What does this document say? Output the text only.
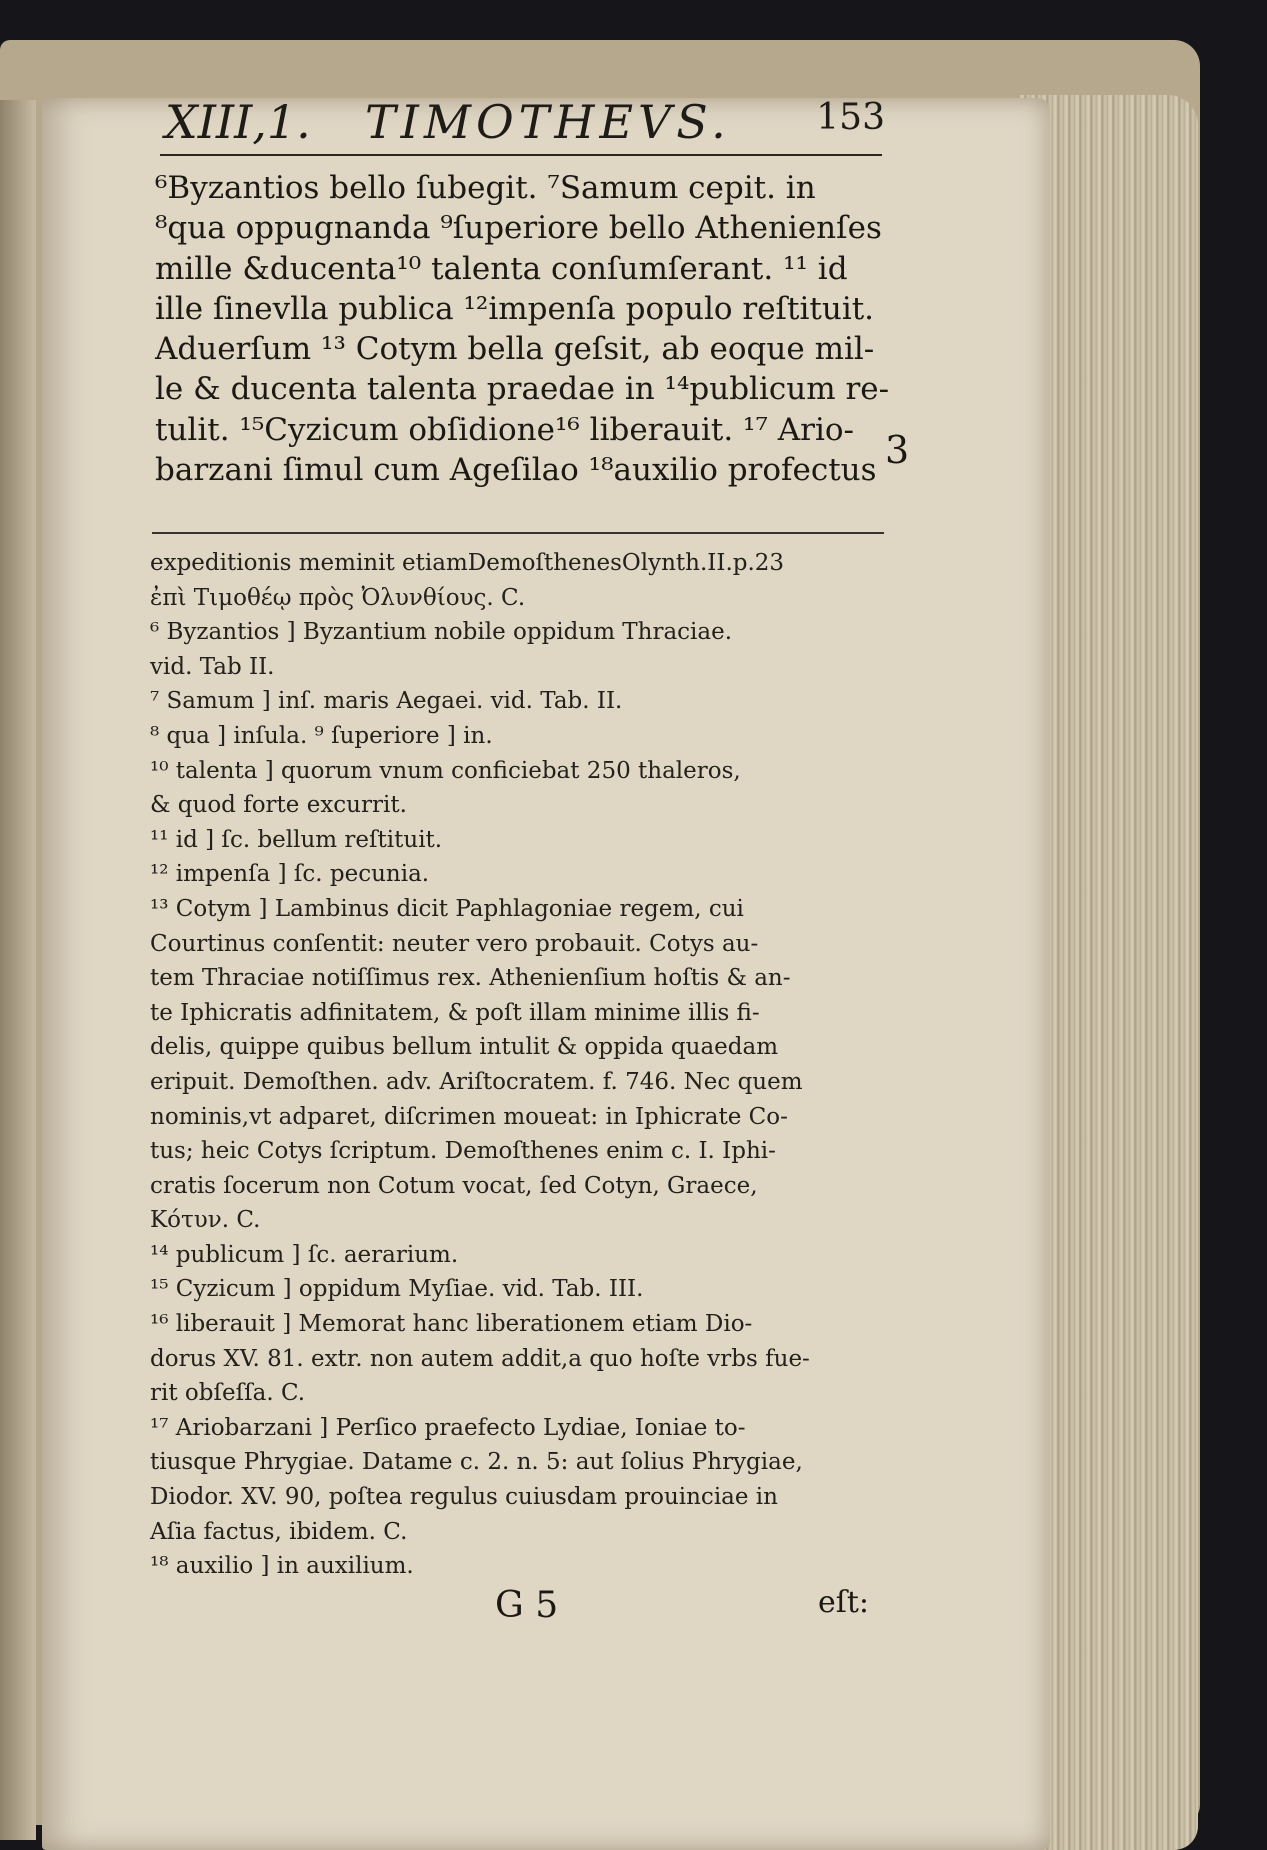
XIII,1. TIMOTHEVS. 153
⁶Byzantios bello ſubegit. ⁷Samum cepit. in
⁸qua oppugnanda ⁹ſuperiore bello Athenienſes
mille &ducenta¹⁰ talenta conſumſerant. ¹¹ id
ille ſinevlla publica ¹²impenſa populo reſtituit.
Aduerſum ¹³ Cotym bella geſsit, ab eoque mil-
le & ducenta talenta praedae in ¹⁴publicum re-
tulit. ¹⁵Cyzicum obſidione¹⁶ liberauit. ¹⁷ Ario-
barzani ſimul cum Ageſilao ¹⁸auxilio profectus 3
expeditionis meminit etiamDemoſthenesOlynth.II.p.23
ἐπὶ Τιμοθέῳ πρὸς Ὀλυνθίους. C.
⁶ Byzantios ] Byzantium nobile oppidum Thraciae.
vid. Tab II.
⁷ Samum ] inſ. maris Aegaei. vid. Tab. II.
⁸ qua ] inſula. ⁹ ſuperiore ] in.
¹⁰ talenta ] quorum vnum conficiebat 250 thaleros,
& quod forte excurrit.
¹¹ id ] ſc. bellum reſtituit.
¹² impenſa ] ſc. pecunia.
¹³ Cotym ] Lambinus dicit Paphlagoniae regem, cui
Courtinus conſentit: neuter vero probauit. Cotys au-
tem Thraciae notiſſimus rex. Athenienſium hoſtis & an-
te Iphicratis adfinitatem, & poſt illam minime illis fi-
delis, quippe quibus bellum intulit & oppida quaedam
eripuit. Demoſthen. adv. Ariſtocratem. f. 746. Nec quem
nominis,vt adparet, diſcrimen moueat: in Iphicrate Co-
tus; heic Cotys ſcriptum. Demoſthenes enim c. I. Iphi-
cratis ſocerum non Cotum vocat, ſed Cotyn, Graece,
Κότυν. C.
¹⁴ publicum ] ſc. aerarium.
¹⁵ Cyzicum ] oppidum Myſiae. vid. Tab. III.
¹⁶ liberauit ] Memorat hanc liberationem etiam Dio-
dorus XV. 81. extr. non autem addit,a quo hoſte vrbs fue-
rit obſeſſa. C.
¹⁷ Ariobarzani ] Perſico praefecto Lydiae, Ioniae to-
tiusque Phrygiae. Datame c. 2. n. 5: aut ſolius Phrygiae,
Diodor. XV. 90, poſtea regulus cuiusdam prouinciae in
Aſia factus, ibidem. C.
¹⁸ auxilio ] in auxilium.
G 5	eſt:
